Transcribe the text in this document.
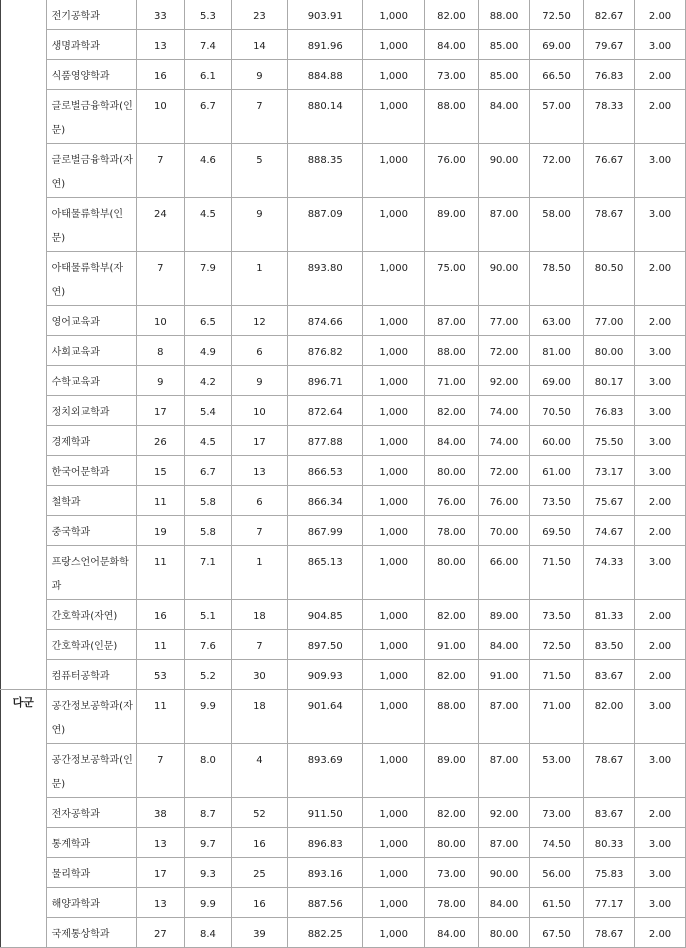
	전기공학과	33	5.3	23	903.91	1,000	82.00	88.00	72.50	82.67	2.00	
	생명과학과	13	7.4	14	891.96	1,000	84.00	85.00	69.00	79.67	3.00	
	식품영양학과	16	6.1	9	884.88	1,000	73.00	85.00	66.50	76.83	2.00	
	글로벌금융학과(인문)	10	6.7	7	880.14	1,000	88.00	84.00	57.00	78.33	2.00	
	글로벌금융학과(자연)	7	4.6	5	888.35	1,000	76.00	90.00	72.00	76.67	3.00	
	아태물류학부(인문)	24	4.5	9	887.09	1,000	89.00	87.00	58.00	78.67	3.00	
	아태물류학부(자연)	7	7.9	1	893.80	1,000	75.00	90.00	78.50	80.50	2.00	
	영어교육과	10	6.5	12	874.66	1,000	87.00	77.00	63.00	77.00	2.00	
	사회교육과	8	4.9	6	876.82	1,000	88.00	72.00	81.00	80.00	3.00	
	수학교육과	9	4.2	9	896.71	1,000	71.00	92.00	69.00	80.17	3.00	
	정치외교학과	17	5.4	10	872.64	1,000	82.00	74.00	70.50	76.83	3.00	
	경제학과	26	4.5	17	877.88	1,000	84.00	74.00	60.00	75.50	3.00	
	한국어문학과	15	6.7	13	866.53	1,000	80.00	72.00	61.00	73.17	3.00	
	철학과	11	5.8	6	866.34	1,000	76.00	76.00	73.50	75.67	2.00	
	중국학과	19	5.8	7	867.99	1,000	78.00	70.00	69.50	74.67	2.00	
	프랑스언어문화학과	11	7.1	1	865.13	1,000	80.00	66.00	71.50	74.33	3.00	
	간호학과(자연)	16	5.1	18	904.85	1,000	82.00	89.00	73.50	81.33	2.00	
	간호학과(인문)	11	7.6	7	897.50	1,000	91.00	84.00	72.50	83.50	2.00	
	컴퓨터공학과	53	5.2	30	909.93	1,000	82.00	91.00	71.50	83.67	2.00	
다군	공간정보공학과(자연)	11	9.9	18	901.64	1,000	88.00	87.00	71.00	82.00	3.00	
	공간정보공학과(인문)	7	8.0	4	893.69	1,000	89.00	87.00	53.00	78.67	3.00	
	전자공학과	38	8.7	52	911.50	1,000	82.00	92.00	73.00	83.67	2.00	
	통계학과	13	9.7	16	896.83	1,000	80.00	87.00	74.50	80.33	3.00	
	물리학과	17	9.3	25	893.16	1,000	73.00	90.00	56.00	75.83	3.00	
	해양과학과	13	9.9	16	887.56	1,000	78.00	84.00	61.50	77.17	3.00	
	국제통상학과	27	8.4	39	882.25	1,000	84.00	80.00	67.50	78.67	2.00	
